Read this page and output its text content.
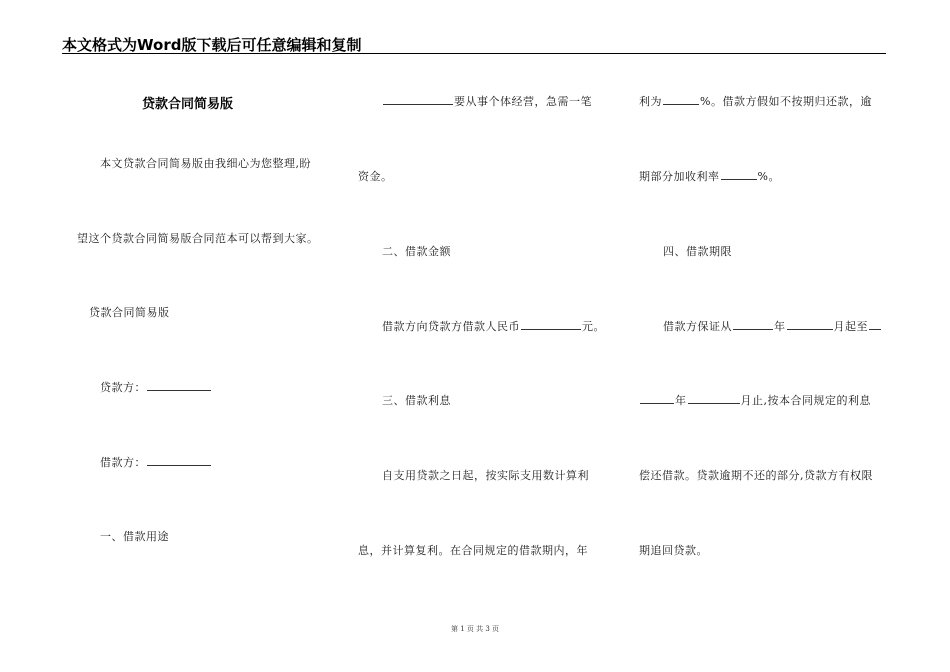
本文格式为Word版下载后可任意编辑和复制
贷款合同简易版
本文贷款合同简易版由我细心为您整理,盼
望这个贷款合同简易版合同范本可以帮到大家。
贷款合同简易版
贷款方：
借款方：
一、借款用途
要从事个体经营，急需一笔
资金。
二、借款金额
借款方向贷款方借款人民币	元。
三、借款利息
自支用贷款之日起，按实际支用数计算利
息，并计算复利。在合同规定的借款期内，年
利为	%。借款方假如不按期归还款，逾
期部分加收利率	%。
四、借款期限
借款方保证从	年	月起至
年	月止,按本合同规定的利息
偿还借款。贷款逾期不还的部分,贷款方有权限
期追回贷款。
第 1 页 共 3 页
